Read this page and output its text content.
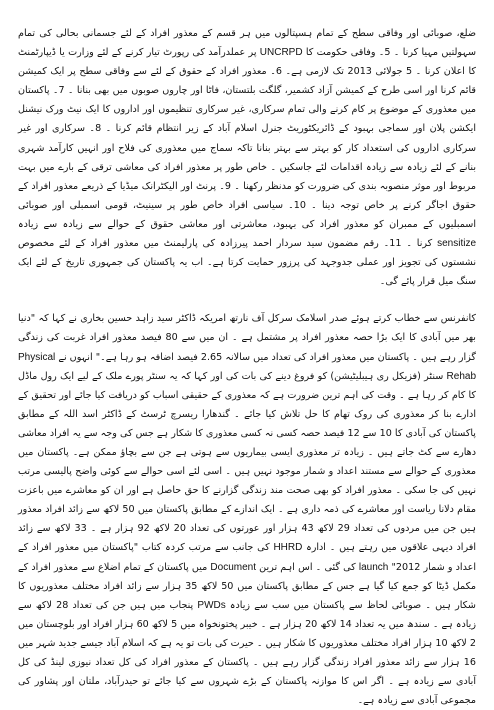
ضلع، صوبائی اور وفاقی سطح کے تمام ہسپتالوں میں ہر قسم کے معذور افراد کے لئے جسمانی بحالی کی تمام سہولتیں مہیا کرنا ۔ 5۔ وفاقی حکومت کا UNCRPD پر عملدرآمد کی رپورٹ تیار کرنے کے لئے وزارت یا ڈیپارٹمنٹ کا اعلان کرنا ۔ 5 جولائی 2013 تک لازمی ہے۔ 6۔ معذور افراد کے حقوق کے لئے سے وفاقی سطح پر ایک کمیشن قائم کرنا اور اسی طرح کے کمیشن آزاد کشمیر، گلگت بلتستان، فاٹا اور چاروں صوبوں میں بھی بنانا ۔ 7۔ پاکستان میں معذوری کے موضوع پر کام کرنے والی تمام سرکاری، غیر سرکاری تنظیموں اور اداروں کا ایک نیٹ ورک نیشنل ایکشن پلان اور سماجی بہبود کے ڈائریکٹوریٹ جنرل اسلام آباد کے زیر انتظام قائم کرنا ۔ 8۔ سرکاری اور غیر سرکاری اداروں کی استعداد کار کو بہتر سے بہتر بنانا تاکہ سماج میں معذوری کی فلاح اور انہیں کارآمد شہری بنانے کے لئے زیادہ سے زیادہ اقدامات لئے جاسکیں ۔ خاص طور پر معذور افراد کی معاشی ترقی کے بارے میں بہت مربوط اور موثر منصوبہ بندی کی ضرورت کو مدنظر رکھنا ۔ 9۔ پرنٹ اور الیکٹرانک میڈیا کے ذریعے معذور افراد کے حقوق اجاگر کرنے پر خاص توجہ دینا ۔ 10۔ سیاسی افراد خاص طور پر سینیٹ، قومی اسمبلی اور صوبائی اسمبلیوں کے ممبران کو معذور افراد کی بہبود، معاشرتی اور معاشی حقوق کے حوالے سے زیادہ سے زیادہ sensitize کرنا ۔ 11۔ رقم مضمون سید سردار احمد پیرزادہ کی پارلیمنٹ میں معذور افراد کے لئے مخصوص نشستوں کی تجویز اور عملی جدوجہد کی پرزور حمایت کرتا ہے۔ اب یہ پاکستان کی جمہوری تاریخ کے لئے ایک سنگ میل قرار پائے گی۔

کانفرنس سے خطاب کرتے ہوئے صدر اسلامک سرکل آف نارتھ امریکہ ڈاکٹر سید زاہد حسین بخاری نے کہا کہ "دنیا بھر میں آبادی کا ایک بڑا حصہ معذور افراد پر مشتمل ہے ۔ ان میں سے 80 فیصد معذور افراد غربت کی زندگی گزار رہے ہیں ۔ پاکستان میں معذور افراد کی تعداد میں سالانہ 2.65 فیصد اضافہ ہو رہا ہے۔" انہوں نے Physical Rehab سنٹر (فزیکل ری ہیبلیٹیشن) کو فروغ دینے کی بات کی اور کہا کہ یہ سنٹر پورے ملک کے لیے ایک رول ماڈل کا کام کر رہا ہے ۔ وقت کی اہم ترین ضرورت ہے کہ معذوری کے حقیقی اسباب کو دریافت کیا جائے اور تحقیق کے ادارے بنا کر معذوری کی روک تھام کا حل تلاش کیا جائے ۔ گندھارا ریسرچ ٹرسٹ کے ڈاکٹر اسد اللہ کے مطابق پاکستان کی آبادی کا 10 سے 12 فیصد حصہ کسی نہ کسی معذوری کا شکار ہے جس کی وجہ سے یہ افراد معاشی دھارے سے کٹ جاتے ہیں ۔ زیادہ تر معذوری ایسی بیماریوں سے ہوتی ہے جن سے بچاؤ ممکن ہے۔ پاکستان میں معذوری کے حوالے سے مستند اعداد و شمار موجود نہیں ہیں ۔ اسی لئے اسی حوالے سے کوئی واضح پالیسی مرتب نہیں کی جا سکی ۔ معذور افراد کو بھی صحت مند زندگی گزارنے کا حق حاصل ہے اور ان کو معاشرے میں باعزت مقام دلانا ریاست اور معاشرے کی ذمہ داری ہے ۔ ایک اندازے کے مطابق پاکستان میں 50 لاکھ سے زائد افراد معذور ہیں جن میں مردوں کی تعداد 29 لاکھ 43 ہزار اور عورتوں کی تعداد 20 لاکھ 92 ہزار ہے ۔ 33 لاکھ سے زائد افراد دیہی علاقوں میں رہتے ہیں ۔ ادارہ HHRD کی جانب سے مرتب کردہ کتاب "پاکستان میں معذور افراد کے اعداد و شمار 2012" launch کی گئی ۔ اس اہم ترین Document میں پاکستان کے تمام اضلاع سے معذور افراد کے مکمل ڈیٹا کو جمع کیا گیا ہے جس کے مطابق پاکستان میں 50 لاکھ 35 ہزار سے زائد افراد مختلف معذوریوں کا شکار ہیں ۔ صوبائی لحاظ سے پاکستان میں سب سے زیادہ PWDs پنجاب میں ہیں جن کی تعداد 28 لاکھ سے زیادہ ہے ۔ سندھ میں یہ تعداد 14 لاکھ 20 ہزار ہے ۔ خیبر پختونخواہ میں 5 لاکھ 60 ہزار افراد اور بلوچستان میں 2 لاکھ 10 ہزار افراد مختلف معذوریوں کا شکار ہیں ۔ حیرت کی بات تو یہ ہے کہ اسلام آباد جیسے جدید شہر میں 16 ہزار سے زائد معذور افراد زندگی گزار رہے ہیں ۔ پاکستان کے معذور افراد کی کل تعداد نیوزی لینڈ کی کل آبادی سے زیادہ ہے ۔ اگر اس کا موازنہ پاکستان کے بڑے شہروں سے کیا جائے تو حیدرآباد، ملتان اور پشاور کی مجموعی آبادی سے زیادہ ہے۔
